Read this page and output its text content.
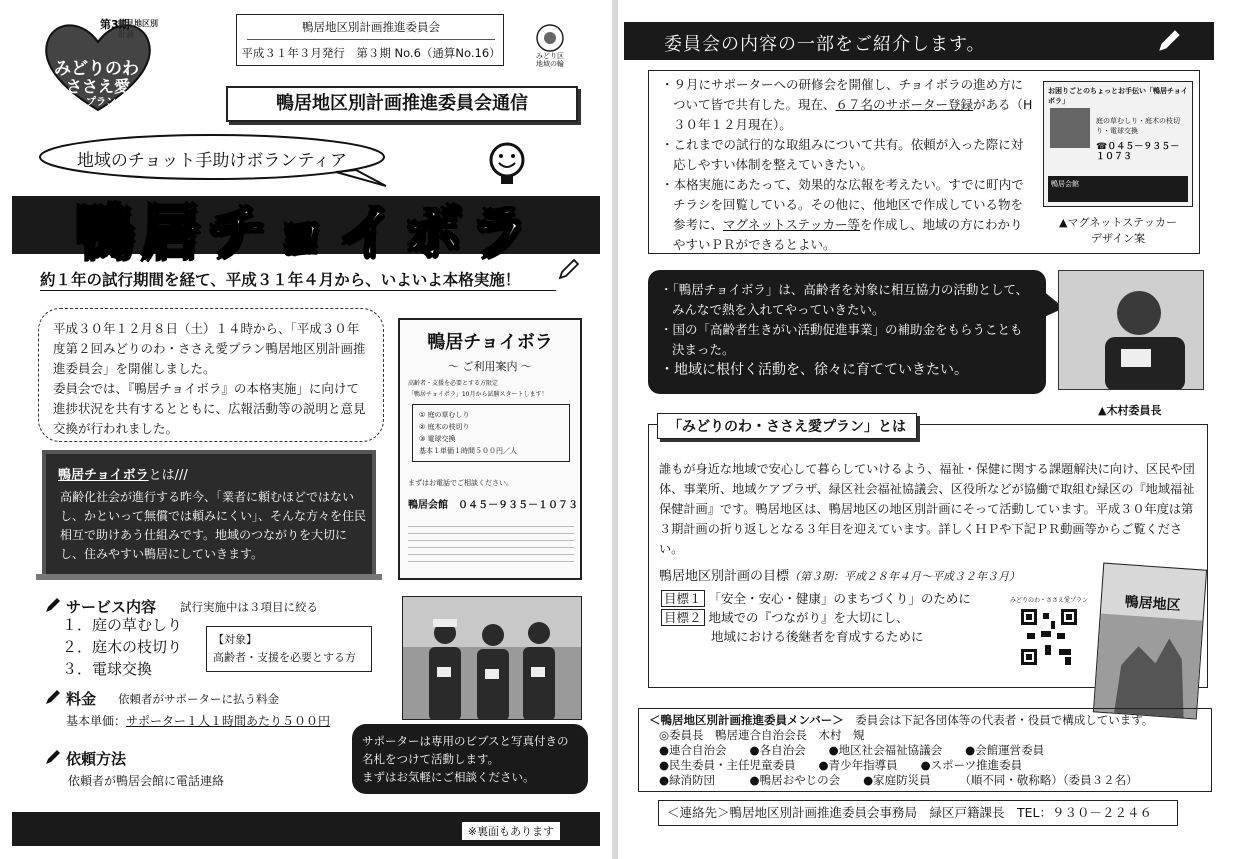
第3期
鶴見地区別計画
みどりのわ
ささえ愛
プラン
鴨居地区別計画推進委員会
平成３１年３月発行　第３期 No.6（通算No.16）	みどり区
地域の輪
鴨居地区別計画推進委員会通信
地域のチョット手助けボランティア
鴨居チョイボラ
約１年の試行期間を経て、平成３１年４月から、いよいよ本格実施！
平成３０年１２月８日（土）１４時から、「平成３０年度第２回みどりのわ・ささえ愛プラン鴨居地区別計画推進委員会」を開催しました。
委員会では、『鴨居チョイボラ』の本格実施」に向けて進捗状況を共有するとともに、広報活動等の説明と意見交換が行われました。
鴨居チョイボラ
～ ご利用案内 ～
高齢者・支援を必要とする方限定
「鴨居チョイボラ」10月から試験スタートします！
① 庭の草むしり
② 庭木の枝切り
③ 電球交換
基本１単価１時間５００円／人
まずはお電話でご相談ください。
鴨居会館　０４５－９３５－１０７３
鴨居チョイボラとは///
高齢化社会が進行する昨今、「業者に頼むほどではないし、かといって無償では頼みにくい」、そんな方々を住民相互で助けあう仕組みです。地域のつながりを大切にし、住みやすい鴨居にしていきます。
サービス内容 試行実施中は３項目に絞る
１．庭の草むしり
２．庭木の枝切り
３．電球交換
【対象】
高齢者・支援を必要とする方
料金 依頼者がサポーターに払う料金
基本単価：サポーター１人１時間あたり５００円
依頼方法
依頼者が鴨居会館に電話連絡
サポーターは専用のビブスと写真付きの名札をつけて活動します。
まずはお気軽にご相談ください。
※裏面もあります
委員会の内容の一部をご紹介します。
・９月にサポーターへの研修会を開催し、チョイボラの進め方について皆で共有した。現在、６７名のサポーター登録がある（H３０年１２月現在）。
・これまでの試行的な取組みについて共有。依頼が入った際に対応しやすい体制を整えていきたい。
・本格実施にあたって、効果的な広報を考えたい。すでに町内でチラシを回覧している。その他に、他地区で作成している物を参考に、マグネットステッカー等を作成し、地域の方にわかりやすいＰＲができるとよい。
お困りごとのちょっとお手伝い「鴨居チョイボラ」
庭の草むしり・庭木の枝切り・電球交換
☎０４５－９３５－１０７３
鴨居会館
▲マグネットステッカー
デザイン案
・「鴨居チョイボラ」は、高齢者を対象に相互協力の活動として、みんなで熱を入れてやっていきたい。
・国の「高齢者生きがい活動促進事業」の補助金をもらうことも決まった。
・地域に根付く活動を、徐々に育てていきたい。
▲木村委員長
「みどりのわ・ささえ愛プラン」とは
誰もが身近な地域で安心して暮らしていけるよう、福祉・保健に関する課題解決に向け、区民や団体、事業所、地域ケアプラザ、緑区社会福祉協議会、区役所などが協働で取組む緑区の『地域福祉保健計画』です。鴨居地区は、鴨居地区の地区別計画にそって活動しています。平成３０年度は第３期計画の折り返しとなる３年目を迎えています。詳しくＨＰや下記ＰＲ動画等からご覧ください。
鴨居地区別計画の目標（第３期：平成２８年４月～平成３２年３月）
目標１ 「安全・安心・健康」のまちづくり」のために
目標２ 地域での『つながり』を大切にし、
地域における後継者を育成するために
みどりのわ・ささえ愛プラン	鴨居地区
＜鴨居地区別計画推進委員メンバー＞　 委員会は下記各団体等の代表者・役員で構成しています。
◎委員長　鴨居連合自治会長　木村　䂓
●連合自治会　　●各自治会　　●地区社会福祉協議会　　●会館運営委員
●民生委員・主任児童委員　　●青少年指導員　　●スポーツ推進委員
●緑消防団　　　●鴨居おやじの会　　●家庭防災員　　　（順不同・敬称略）（委員３２名）
＜連絡先＞鴨居地区別計画推進委員会事務局　緑区戸籍課長　TEL：９３０－２２４６
